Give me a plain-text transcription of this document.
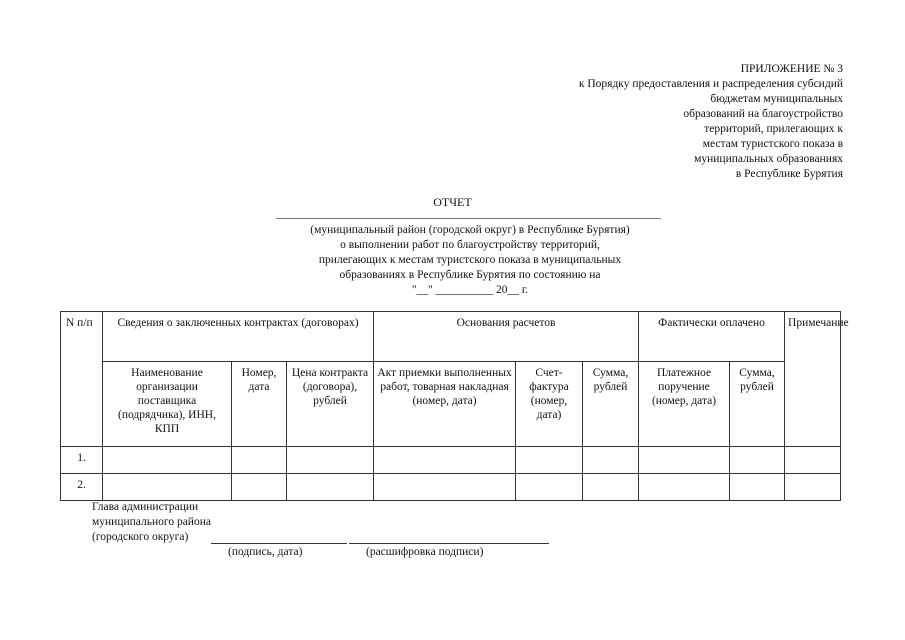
ПРИЛОЖЕНИЕ № 3
к Порядку предоставления и распределения субсидий
бюджетам муниципальных
образований на благоустройство
территорий, прилегающих к
местам туристского показа в
муниципальных образованиях
в Республике Бурятия
ОТЧЕТ
(муниципальный район (городской округ) в Республике Бурятия)
о выполнении работ по благоустройству территорий,
прилегающих к местам туристского показа в муниципальных
образованиях в Республике Бурятия по состоянию на
"__" __________ 20__ г.
N п/п	Сведения о заключенных контрактах (договорах)			Основания расчетов			Фактически оплачено		Примечание
	Наименование организации поставщика (подрядчика), ИНН, КПП	Номер, дата	Цена контракта (договора), рублей	Акт приемки выполненных работ, товарная накладная (номер, дата)	Счет-фактура (номер, дата)	Сумма, рублей	Платежное поручение (номер, дата)	Сумма, рублей	
1.									
2.									
Глава администрации
муниципального района
(городского округа)
(подпись, дата)	(расшифровка подписи)
